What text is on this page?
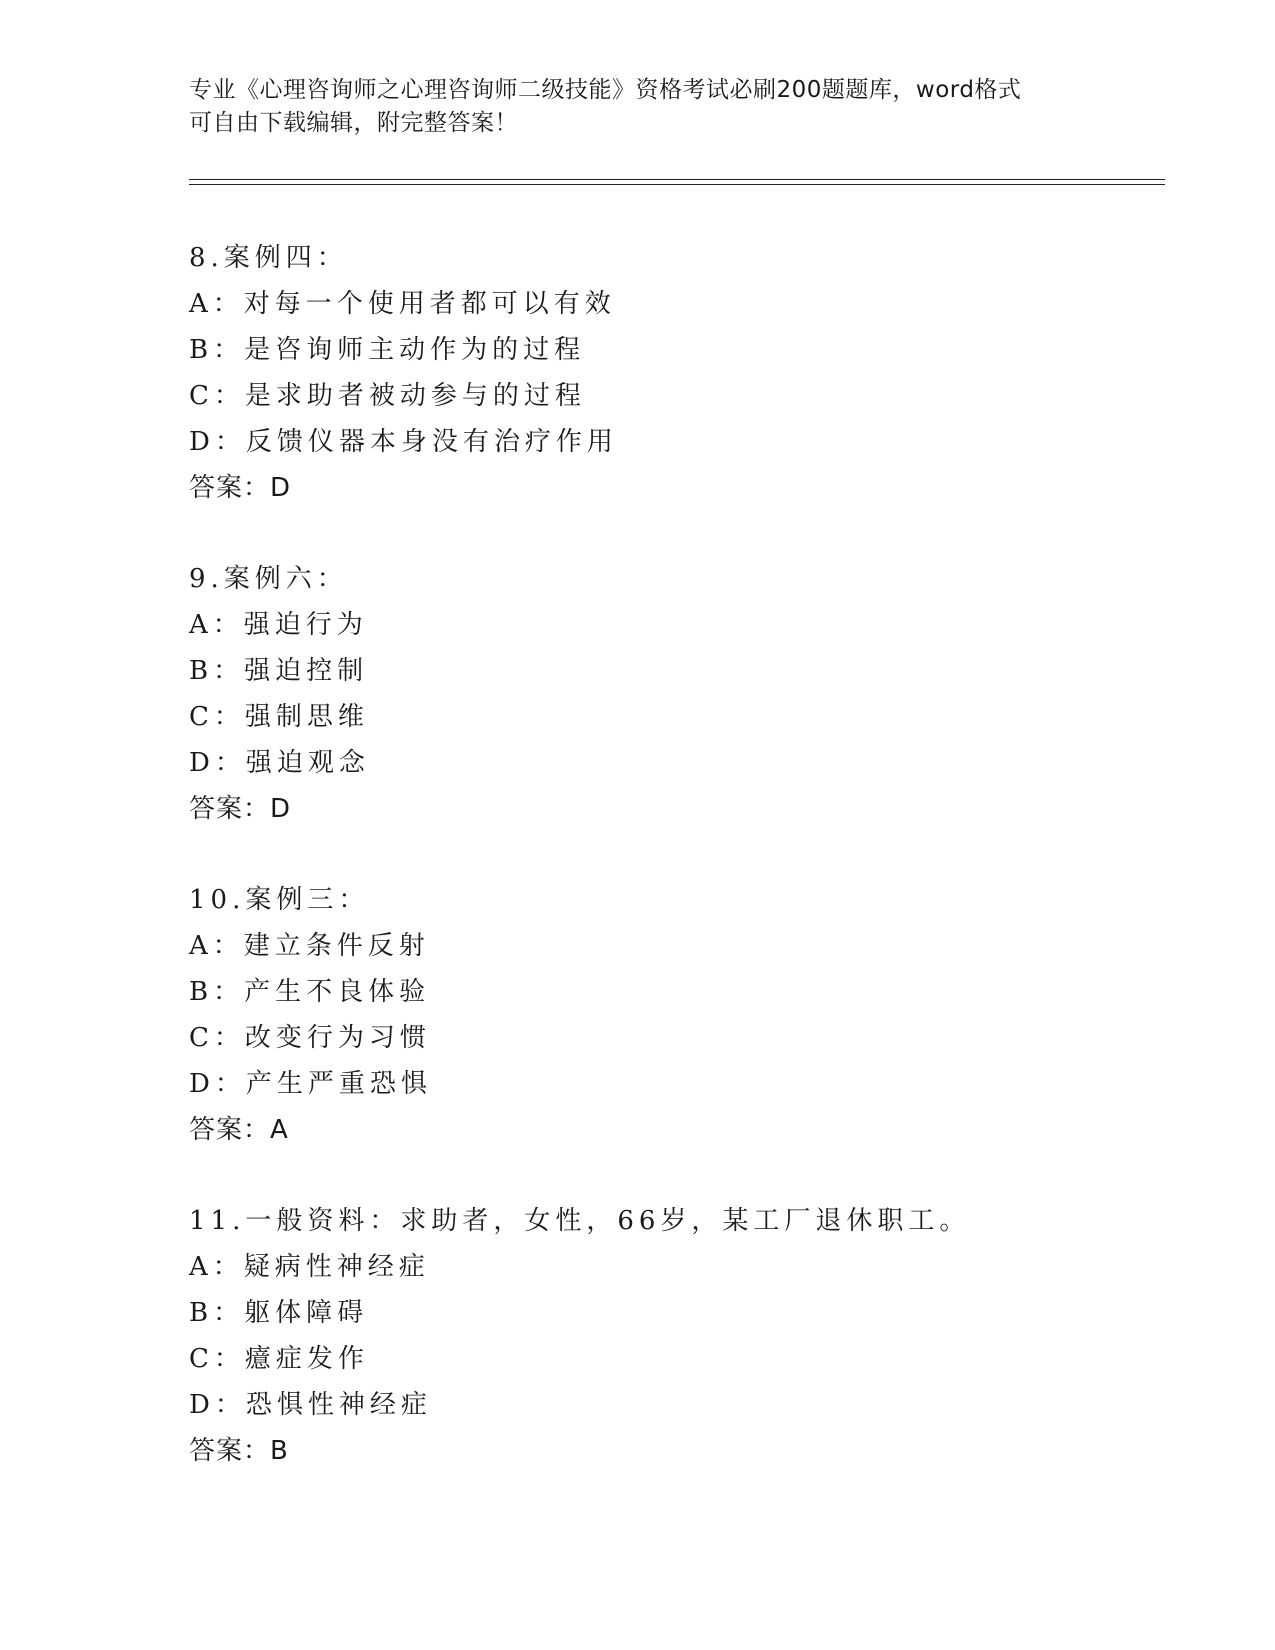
专业《心理咨询师之心理咨询师二级技能》资格考试必刷200题题库，word格式
可自由下载编辑，附完整答案！
8.案例四：
A：对每一个使用者都可以有效
B：是咨询师主动作为的过程
C：是求助者被动参与的过程
D：反馈仪器本身没有治疗作用
答案：D
9.案例六：
A：强迫行为
B：强迫控制
C：强制思维
D：强迫观念
答案：D
10.案例三：
A：建立条件反射
B：产生不良体验
C：改变行为习惯
D：产生严重恐惧
答案：A
11.一般资料：求助者，女性，66岁，某工厂退休职工。
A：疑病性神经症
B：躯体障碍
C：癔症发作
D：恐惧性神经症
答案：B
